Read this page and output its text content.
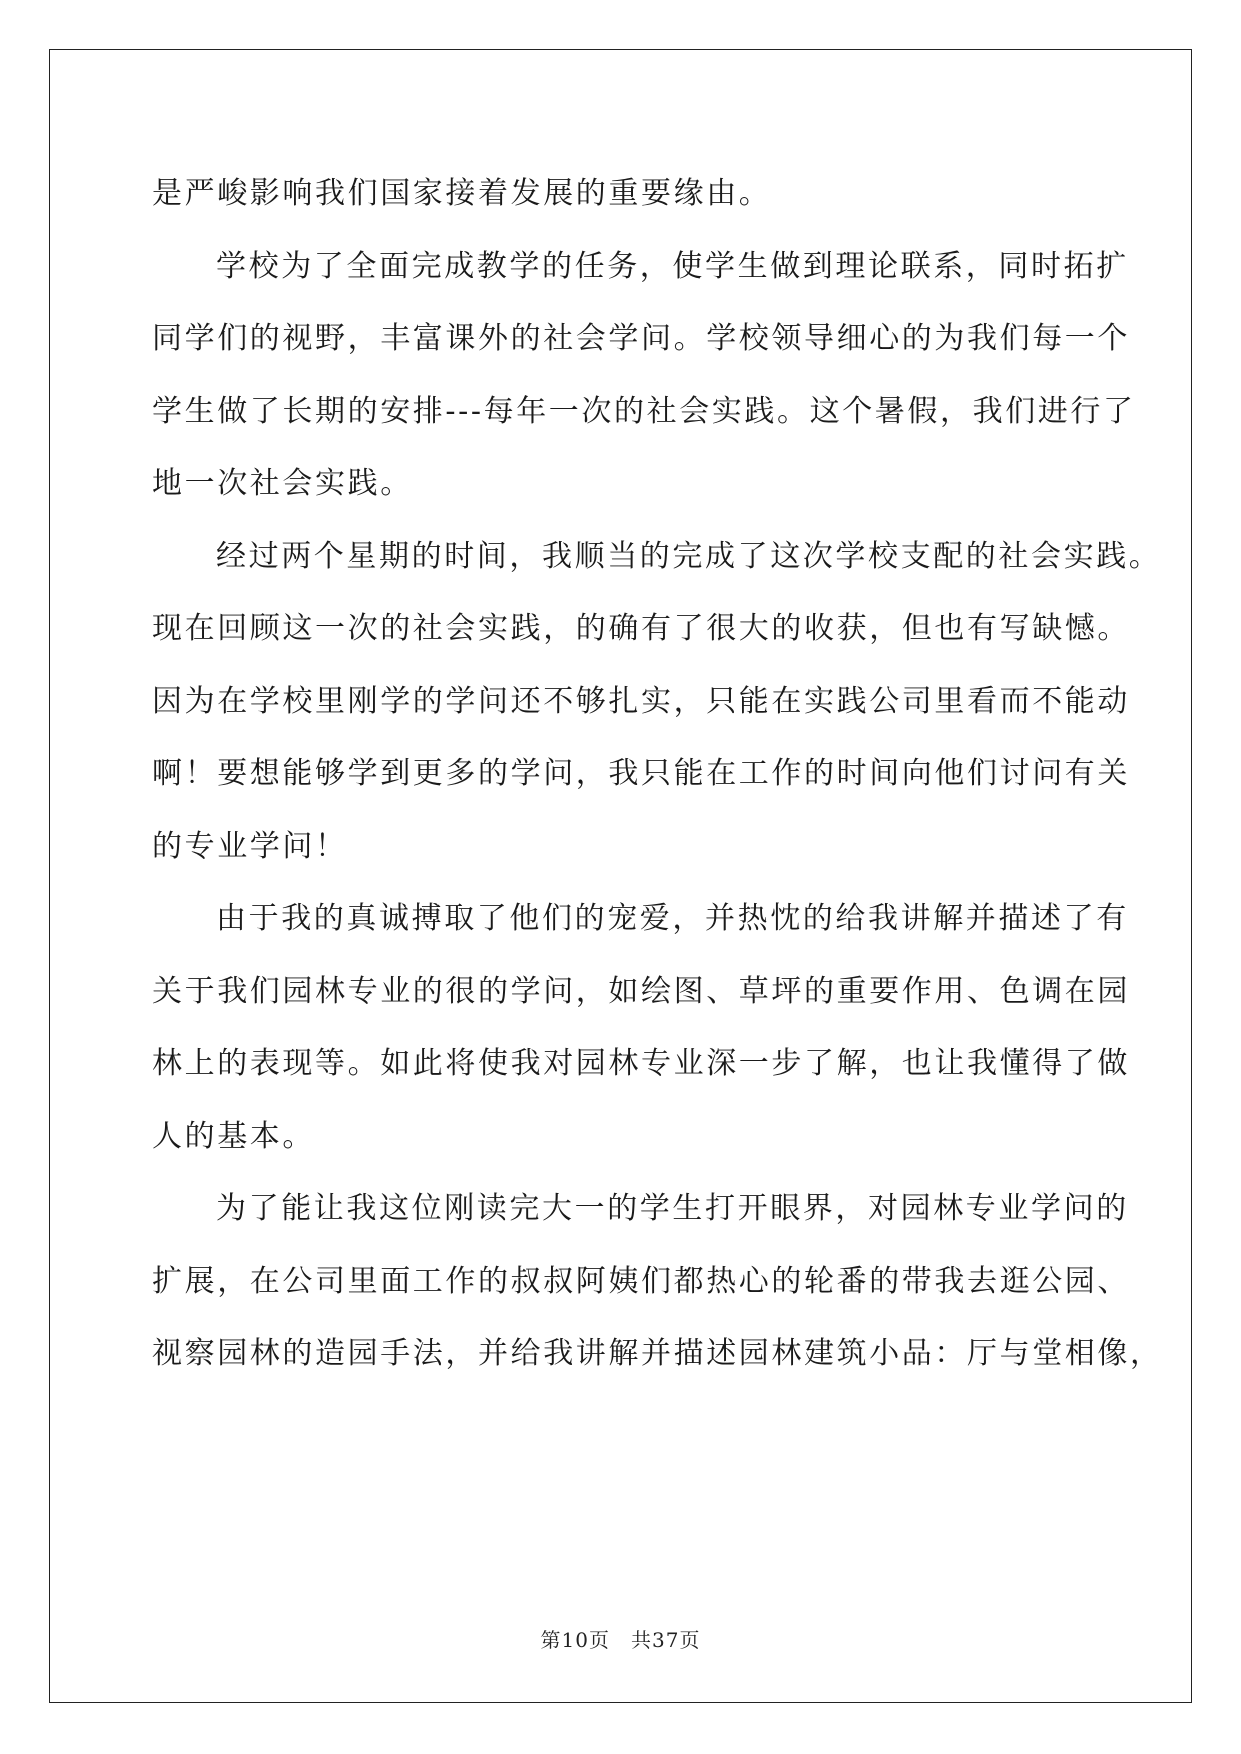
是严峻影响我们国家接着发展的重要缘由。
学校为了全面完成教学的任务，使学生做到理论联系，同时拓扩
同学们的视野，丰富课外的社会学问。学校领导细心的为我们每一个
学生做了长期的安排---每年一次的社会实践。这个暑假，我们进行了
地一次社会实践。
经过两个星期的时间，我顺当的完成了这次学校支配的社会实践。
现在回顾这一次的社会实践，的确有了很大的收获，但也有写缺憾。
因为在学校里刚学的学问还不够扎实，只能在实践公司里看而不能动
啊！要想能够学到更多的学问，我只能在工作的时间向他们讨问有关
的专业学问！
由于我的真诚搏取了他们的宠爱，并热忱的给我讲解并描述了有
关于我们园林专业的很的学问，如绘图、草坪的重要作用、色调在园
林上的表现等。如此将使我对园林专业深一步了解，也让我懂得了做
人的基本。
为了能让我这位刚读完大一的学生打开眼界，对园林专业学问的
扩展，在公司里面工作的叔叔阿姨们都热心的轮番的带我去逛公园、
视察园林的造园手法，并给我讲解并描述园林建筑小品：厅与堂相像，
第10页　共37页
